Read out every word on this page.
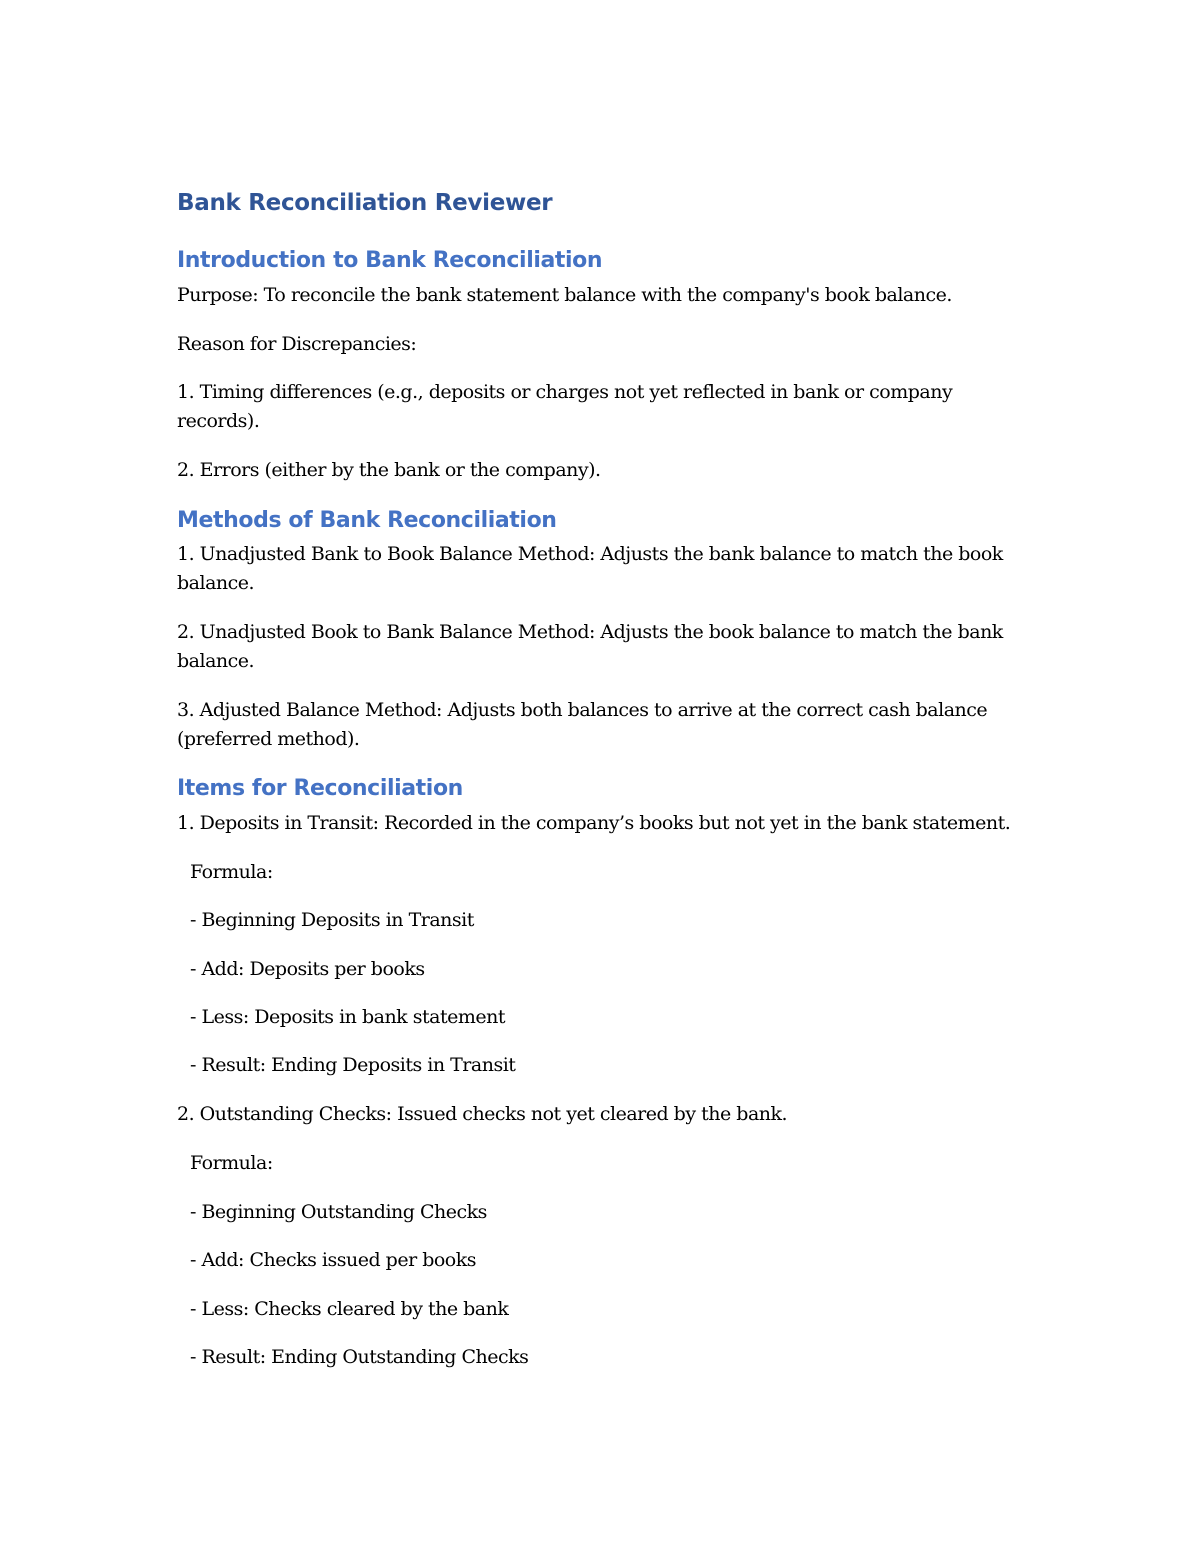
Bank Reconciliation Reviewer
Introduction to Bank Reconciliation

Purpose: To reconcile the bank statement balance with the company's book balance.

Reason for Discrepancies:

1. Timing differences (e.g., deposits or charges not yet reflected in bank or company records).

2. Errors (either by the bank or the company).

Methods of Bank Reconciliation

1. Unadjusted Bank to Book Balance Method: Adjusts the bank balance to match the book balance.

2. Unadjusted Book to Bank Balance Method: Adjusts the book balance to match the bank balance.

3. Adjusted Balance Method: Adjusts both balances to arrive at the correct cash balance (preferred method).

Items for Reconciliation

1. Deposits in Transit: Recorded in the company’s books but not yet in the bank statement.

Formula:

- Beginning Deposits in Transit

- Add: Deposits per books

- Less: Deposits in bank statement

- Result: Ending Deposits in Transit

2. Outstanding Checks: Issued checks not yet cleared by the bank.

Formula:

- Beginning Outstanding Checks

- Add: Checks issued per books

- Less: Checks cleared by the bank

- Result: Ending Outstanding Checks
